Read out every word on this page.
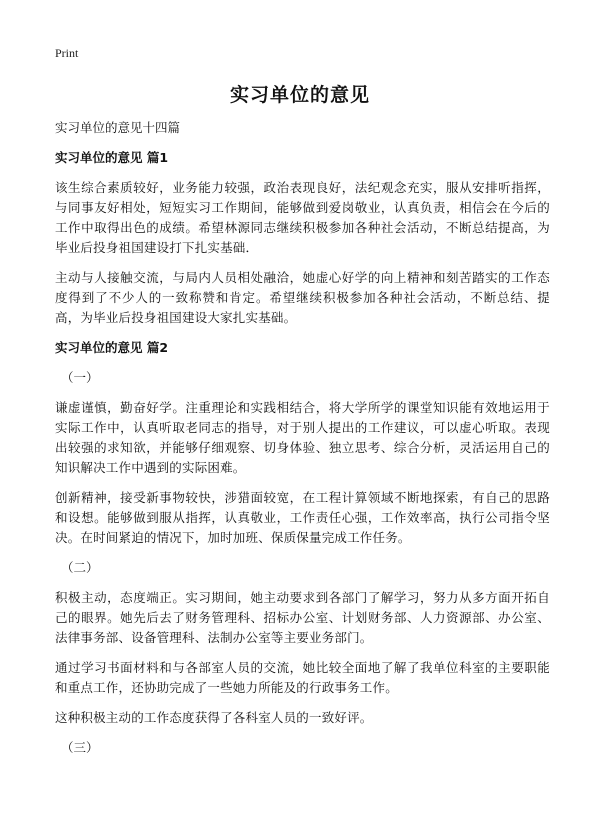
Print
实习单位的意见

实习单位的意见十四篇

实习单位的意见 篇1

该生综合素质较好，业务能力较强，政治表现良好，法纪观念充实，服从安排听指挥，与同事友好相处，短短实习工作期间，能够做到爱岗敬业，认真负责，相信会在今后的工作中取得出色的成绩。希望林源同志继续积极参加各种社会活动，不断总结提高，为毕业后投身祖国建设打下扎实基础．

主动与人接触交流，与局内人员相处融洽，她虚心好学的向上精神和刻苦踏实的工作态度得到了不少人的一致称赞和肯定。希望继续积极参加各种社会活动，不断总结、提高，为毕业后投身祖国建设大家扎实基础。

实习单位的意见 篇2

（一）

谦虚谨慎，勤奋好学。注重理论和实践相结合，将大学所学的课堂知识能有效地运用于实际工作中，认真听取老同志的指导，对于别人提出的工作建议，可以虚心听取。表现出较强的求知欲，并能够仔细观察、切身体验、独立思考、综合分析，灵活运用自己的知识解决工作中遇到的实际困难。

创新精神，接受新事物较快，涉猎面较宽，在工程计算领域不断地探索，有自己的思路和设想。能够做到服从指挥，认真敬业，工作责任心强，工作效率高，执行公司指令坚决。在时间紧迫的情况下，加时加班、保质保量完成工作任务。

（二）

积极主动，态度端正。实习期间，她主动要求到各部门了解学习，努力从多方面开拓自己的眼界。她先后去了财务管理科、招标办公室、计划财务部、人力资源部、办公室、法律事务部、设备管理科、法制办公室等主要业务部门。

通过学习书面材料和与各部室人员的交流，她比较全面地了解了我单位科室的主要职能和重点工作，还协助完成了一些她力所能及的行政事务工作。

这种积极主动的工作态度获得了各科室人员的一致好评。

（三）
